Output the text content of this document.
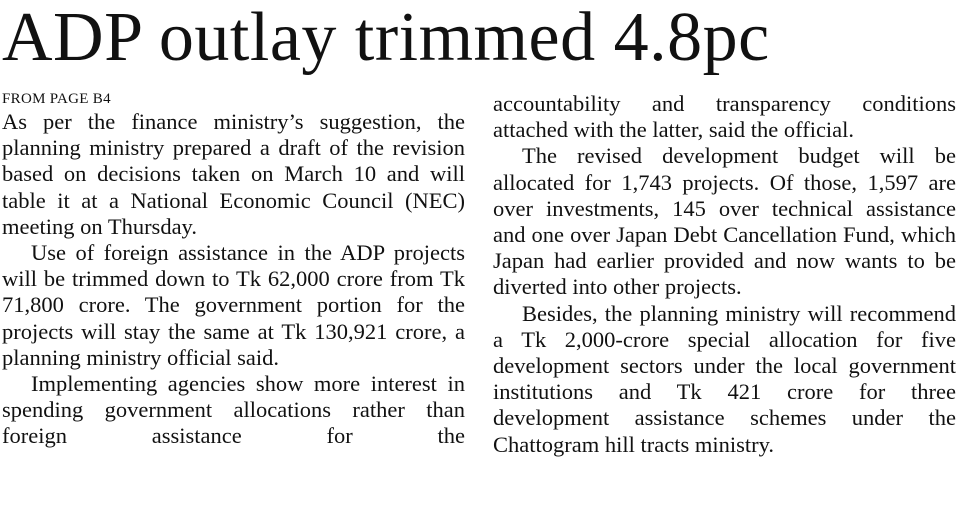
ADP outlay trimmed 4.8pc

FROM PAGE B4

As per the finance ministry’s suggestion, the planning ministry prepared a draft of the revision based on decisions taken on March 10 and will table it at a National Economic Council (NEC) meeting on Thursday.

Use of foreign assistance in the ADP projects will be trimmed down to Tk 62,000 crore from Tk 71,800 crore. The government portion for the projects will stay the same at Tk 130,921 crore, a planning ministry official said.

Implementing agencies show more interest in spending government allocations rather than foreign assistance for the

accountability and transparency conditions attached with the latter, said the official.

The revised development budget will be allocated for 1,743 projects. Of those, 1,597 are over investments, 145 over technical assistance and one over Japan Debt Cancellation Fund, which Japan had earlier provided and now wants to be diverted into other projects.

Besides, the planning ministry will recommend a Tk 2,000-crore special allocation for five development sectors under the local government institutions and Tk 421 crore for three development assistance schemes under the Chattogram hill tracts ministry.
